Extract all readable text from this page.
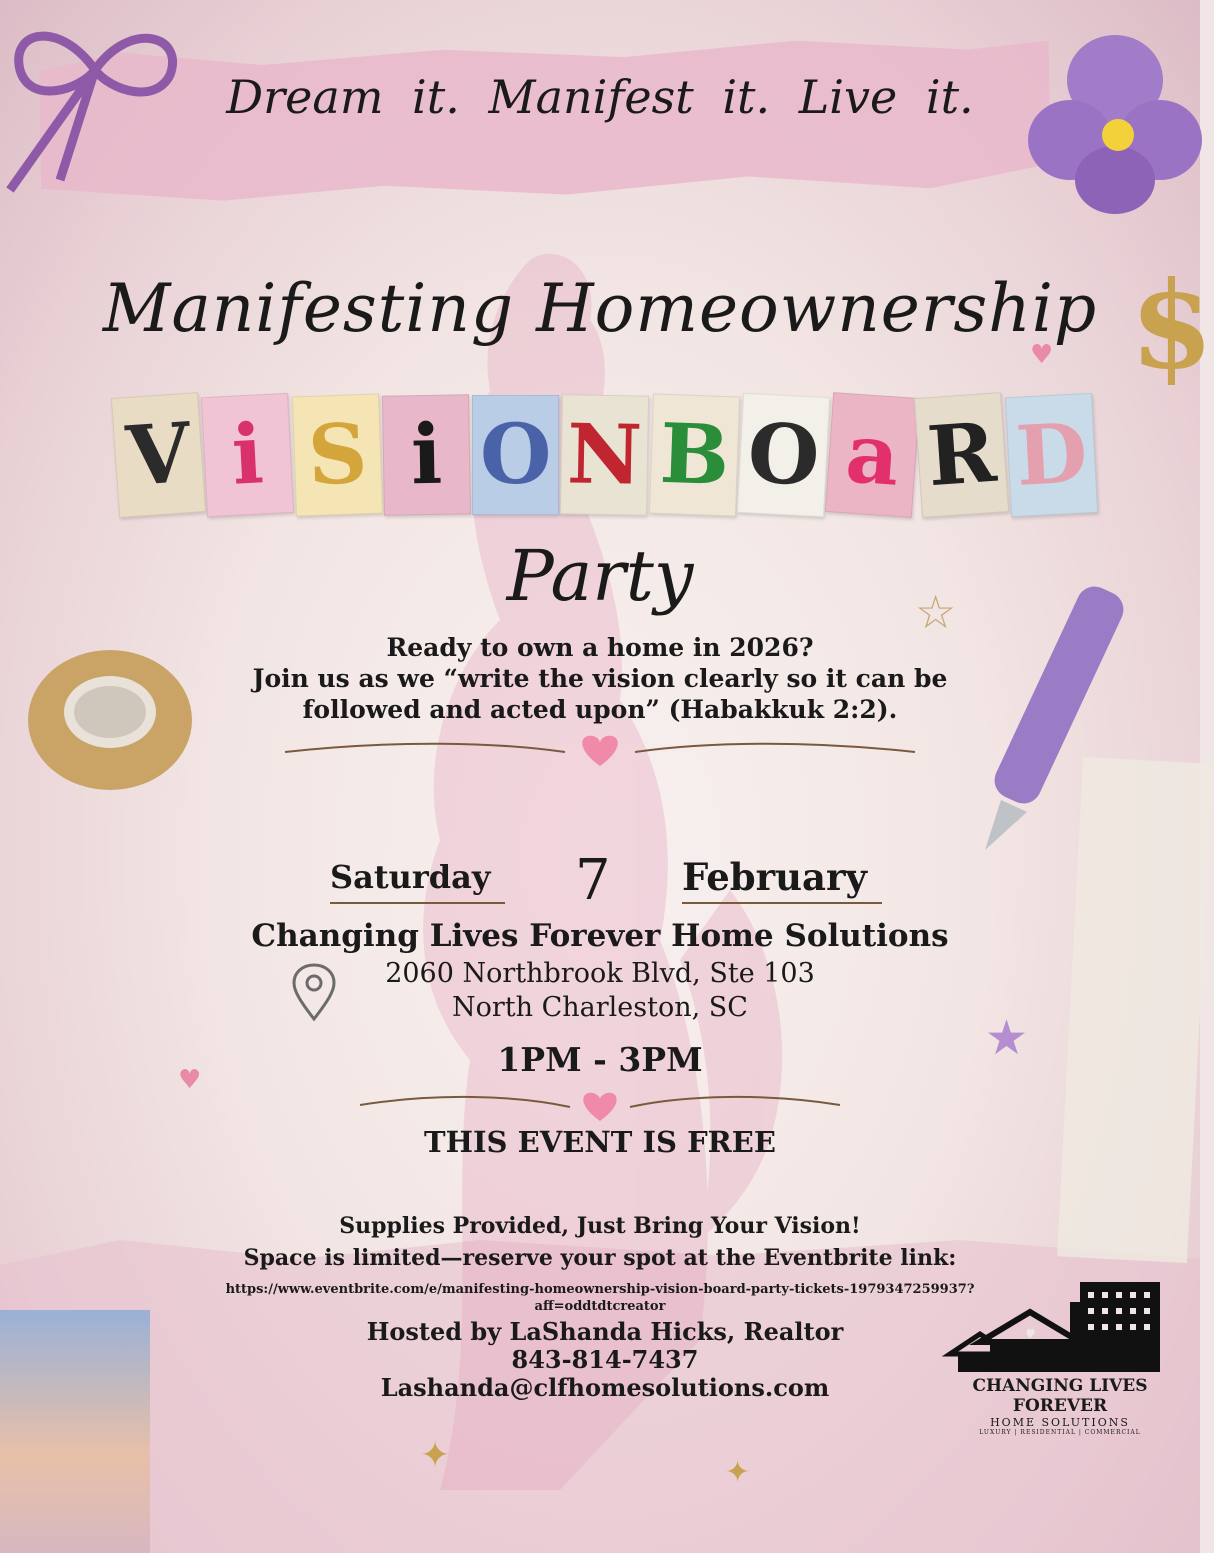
$
Dream it. Manifest it. Live it.
Manifesting Homeownership
V i S i O N B O a R D
Party
Ready to own a home in 2026?
Join us as we “write the vision clearly so it can be
followed and acted upon” (Habakkuk 2:2).
Saturday 7 February
Changing Lives Forever Home Solutions
2060 Northbrook Blvd, Ste 103
North Charleston, SC
1PM - 3PM
THIS EVENT IS FREE
Supplies Provided, Just Bring Your Vision!
Space is limited—reserve your spot at the Eventbrite link:
https://www.eventbrite.com/e/manifesting-homeownership-vision-board-party-tickets-1979347259937?
aff=oddtdtcreator
Hosted by LaShanda Hicks, Realtor
843-814-7437
Lashanda@clfhomesolutions.com	CHANGING LIVES FOREVER
HOME SOLUTIONS
LUXURY | RESIDENTIAL | COMMERCIAL
☆
★
✦	✦
♥
♥
